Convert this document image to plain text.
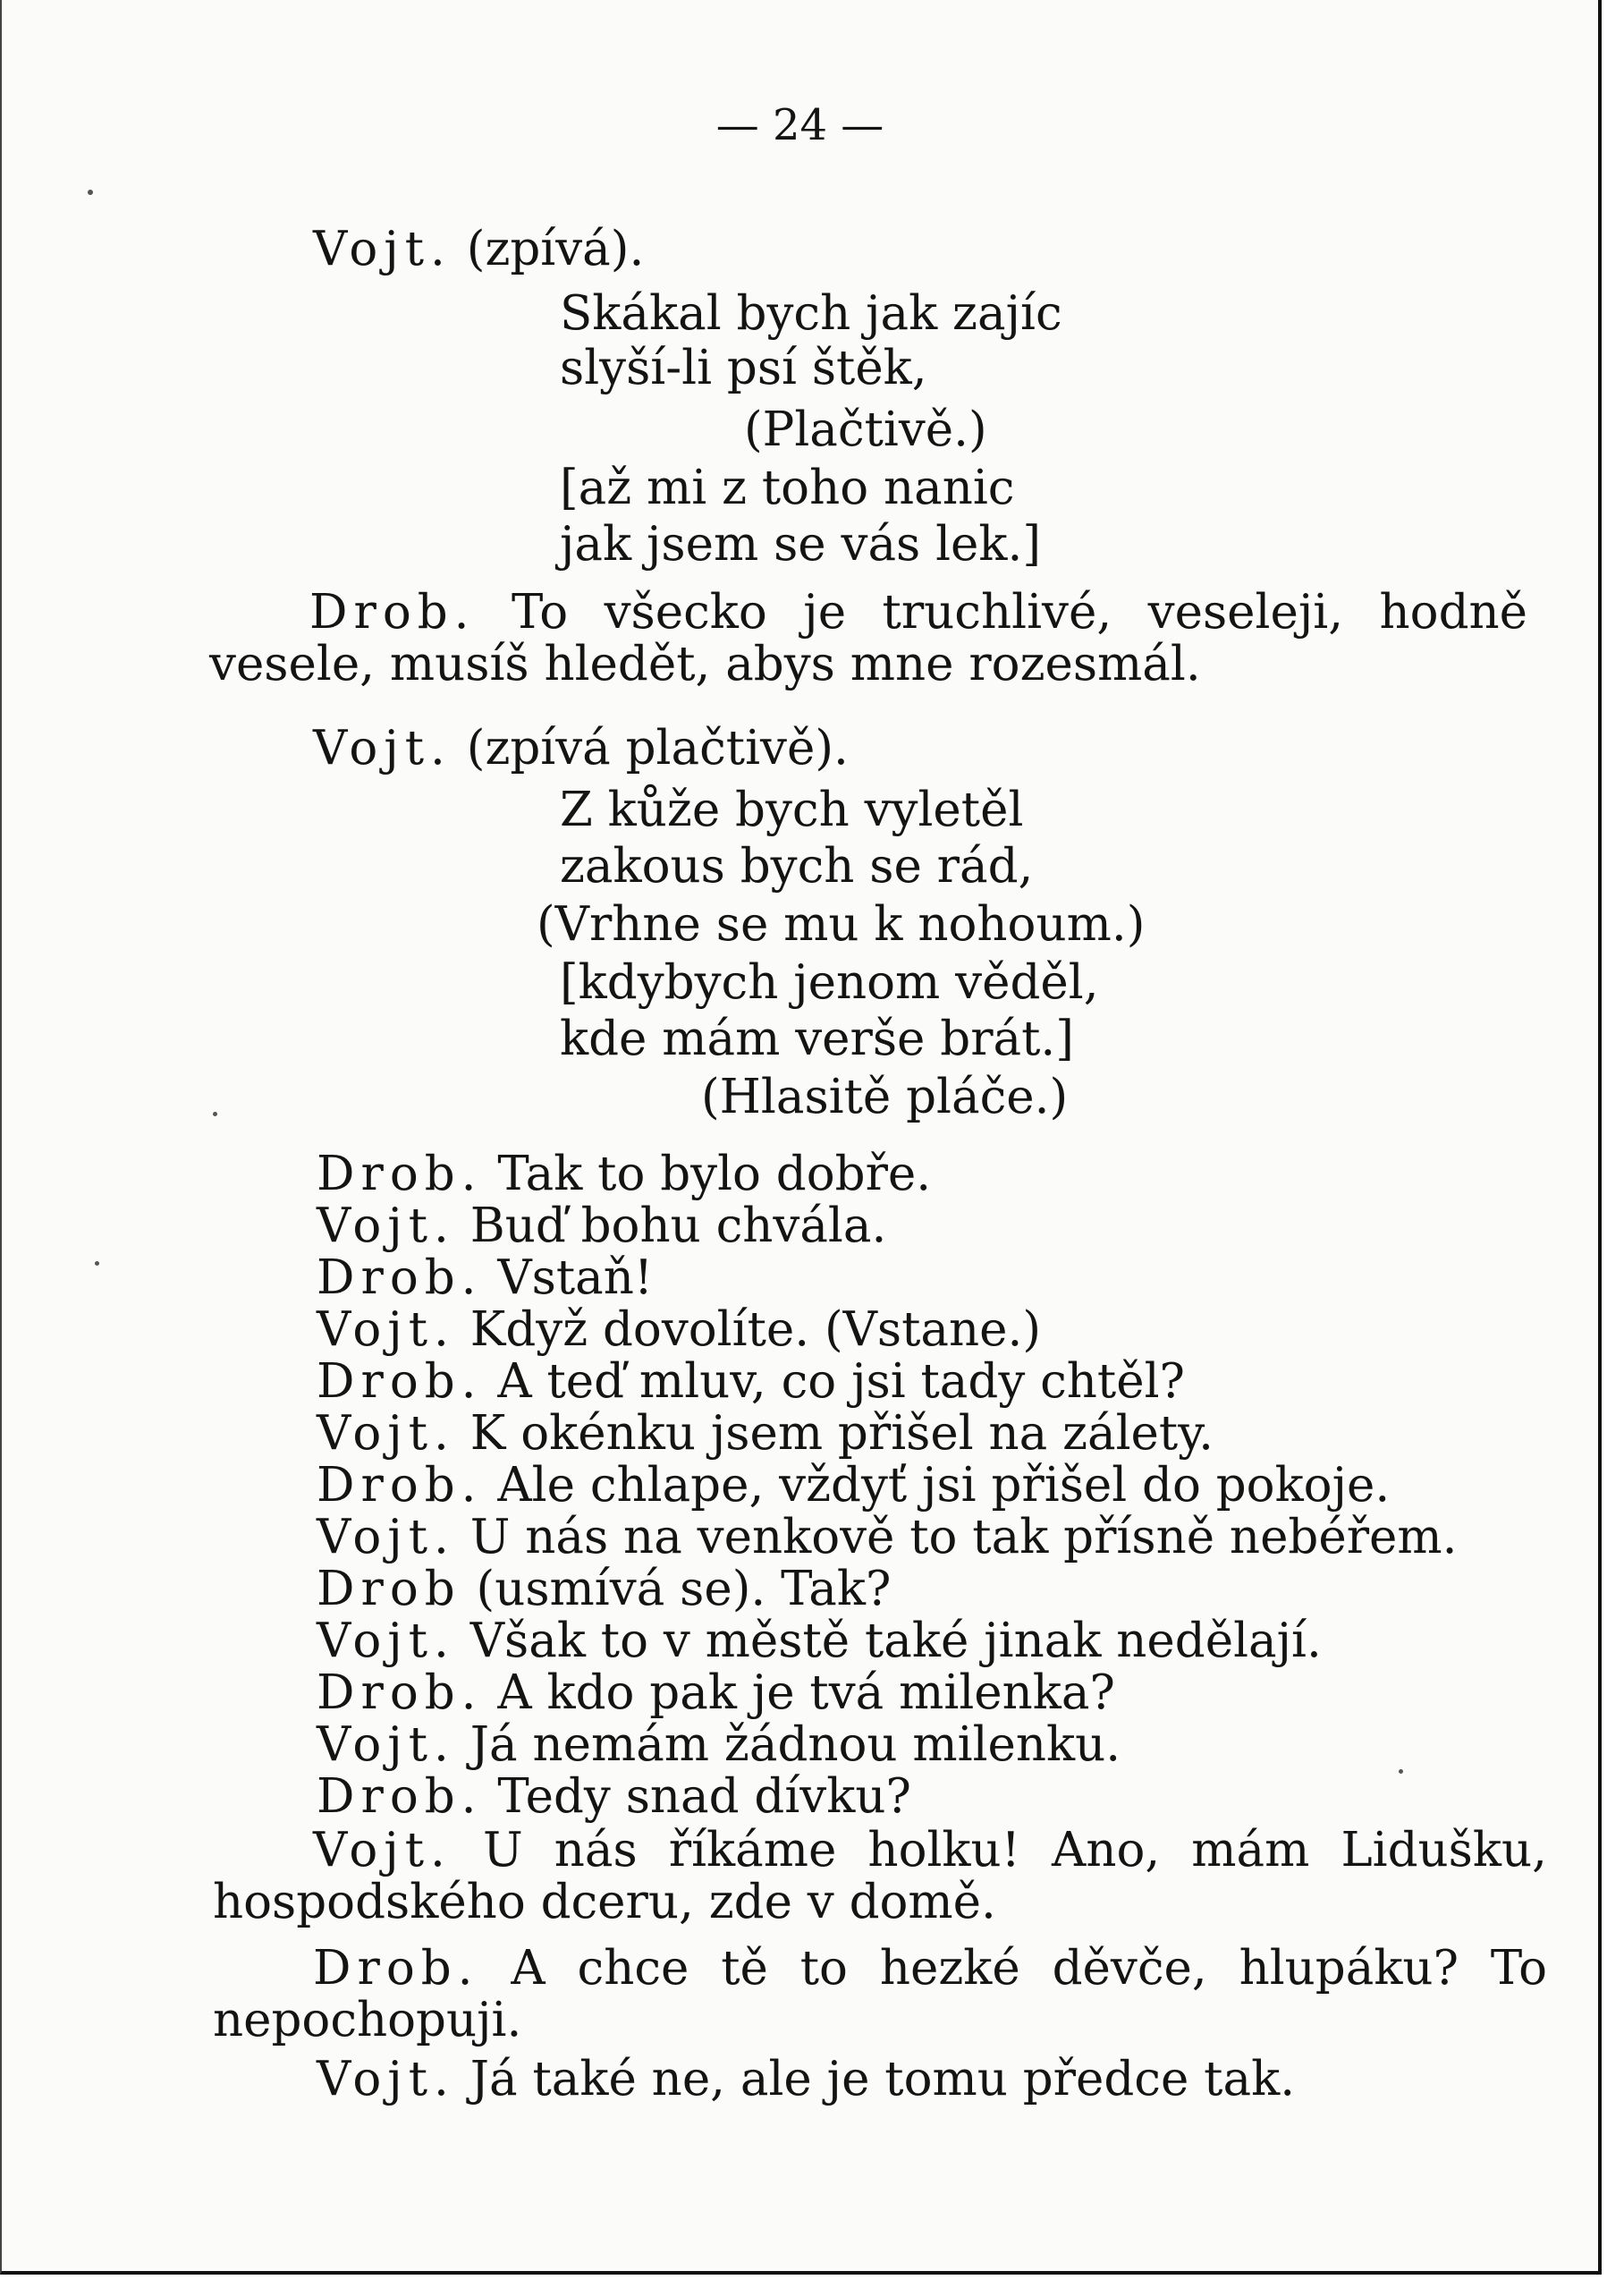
— 24 —
Vojt. (zpívá).
Skákal bych jak zajíc
slyší-li psí štěk,
(Plačtivě.)
[až mi z toho nanic
jak jsem se vás lek.]
Drob. To všecko je truchlivé, veseleji, hodně vesele, musíš hledět, abys mne rozesmál.
Vojt. (zpívá plačtivě).
Z kůže bych vyletěl
zakous bych se rád,
(Vrhne se mu k nohoum.)
[kdybych jenom věděl,
kde mám verše brát.]
(Hlasitě pláče.)
Drob. Tak to bylo dobře.
Vojt. Buď bohu chvála.
Drob. Vstaň!
Vojt. Když dovolíte. (Vstane.)
Drob. A teď mluv, co jsi tady chtěl?
Vojt. K okénku jsem přišel na zálety.
Drob. Ale chlape, vždyť jsi přišel do pokoje.
Vojt. U nás na venkově to tak přísně nebéřem.
Drob (usmívá se). Tak?
Vojt. Však to v městě také jinak nedělají.
Drob. A kdo pak je tvá milenka?
Vojt. Já nemám žádnou milenku.
Drob. Tedy snad dívku?
Vojt. U nás říkáme holku! Ano, mám Lidušku, hospodského dceru, zde v domě.
Drob. A chce tě to hezké děvče, hlupáku? To nepochopuji.
Vojt. Já také ne, ale je tomu předce tak.
